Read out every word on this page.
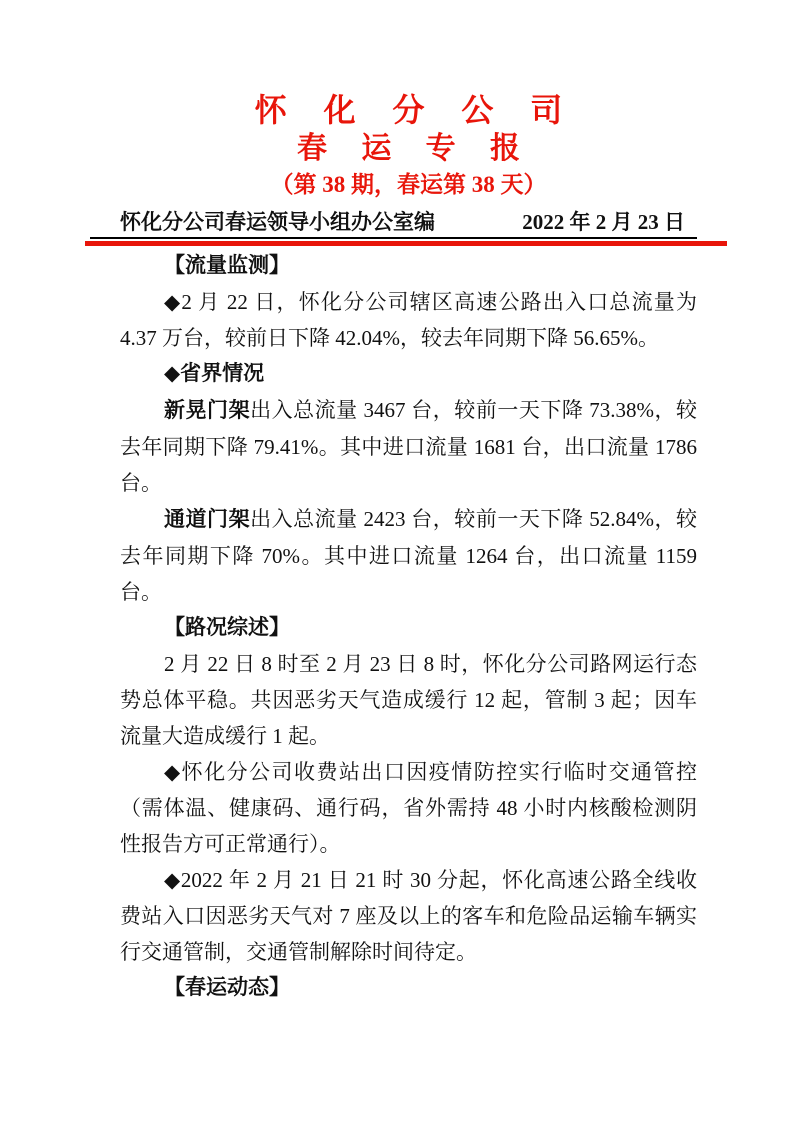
怀 化 分 公 司
春 运 专 报
（第 38 期，春运第 38 天）
怀化分公司春运领导小组办公室编	2022 年 2 月 23 日
【流量监测】

◆2 月 22 日，怀化分公司辖区高速公路出入口总流量为 4.37 万台，较前日下降 42.04%，较去年同期下降 56.65%。

◆省界情况

新晃门架出入总流量 3467 台，较前一天下降 73.38%，较去年同期下降 79.41%。其中进口流量 1681 台，出口流量 1786 台。

通道门架出入总流量 2423 台，较前一天下降 52.84%，较去年同期下降 70%。其中进口流量 1264 台，出口流量 1159 台。

【路况综述】

2 月 22 日 8 时至 2 月 23 日 8 时，怀化分公司路网运行态势总体平稳。共因恶劣天气造成缓行 12 起，管制 3 起；因车流量大造成缓行 1 起。

◆怀化分公司收费站出口因疫情防控实行临时交通管控（需体温、健康码、通行码，省外需持 48 小时内核酸检测阴性报告方可正常通行）。

◆2022 年 2 月 21 日 21 时 30 分起，怀化高速公路全线收费站入口因恶劣天气对 7 座及以上的客车和危险品运输车辆实行交通管制，交通管制解除时间待定。

【春运动态】
